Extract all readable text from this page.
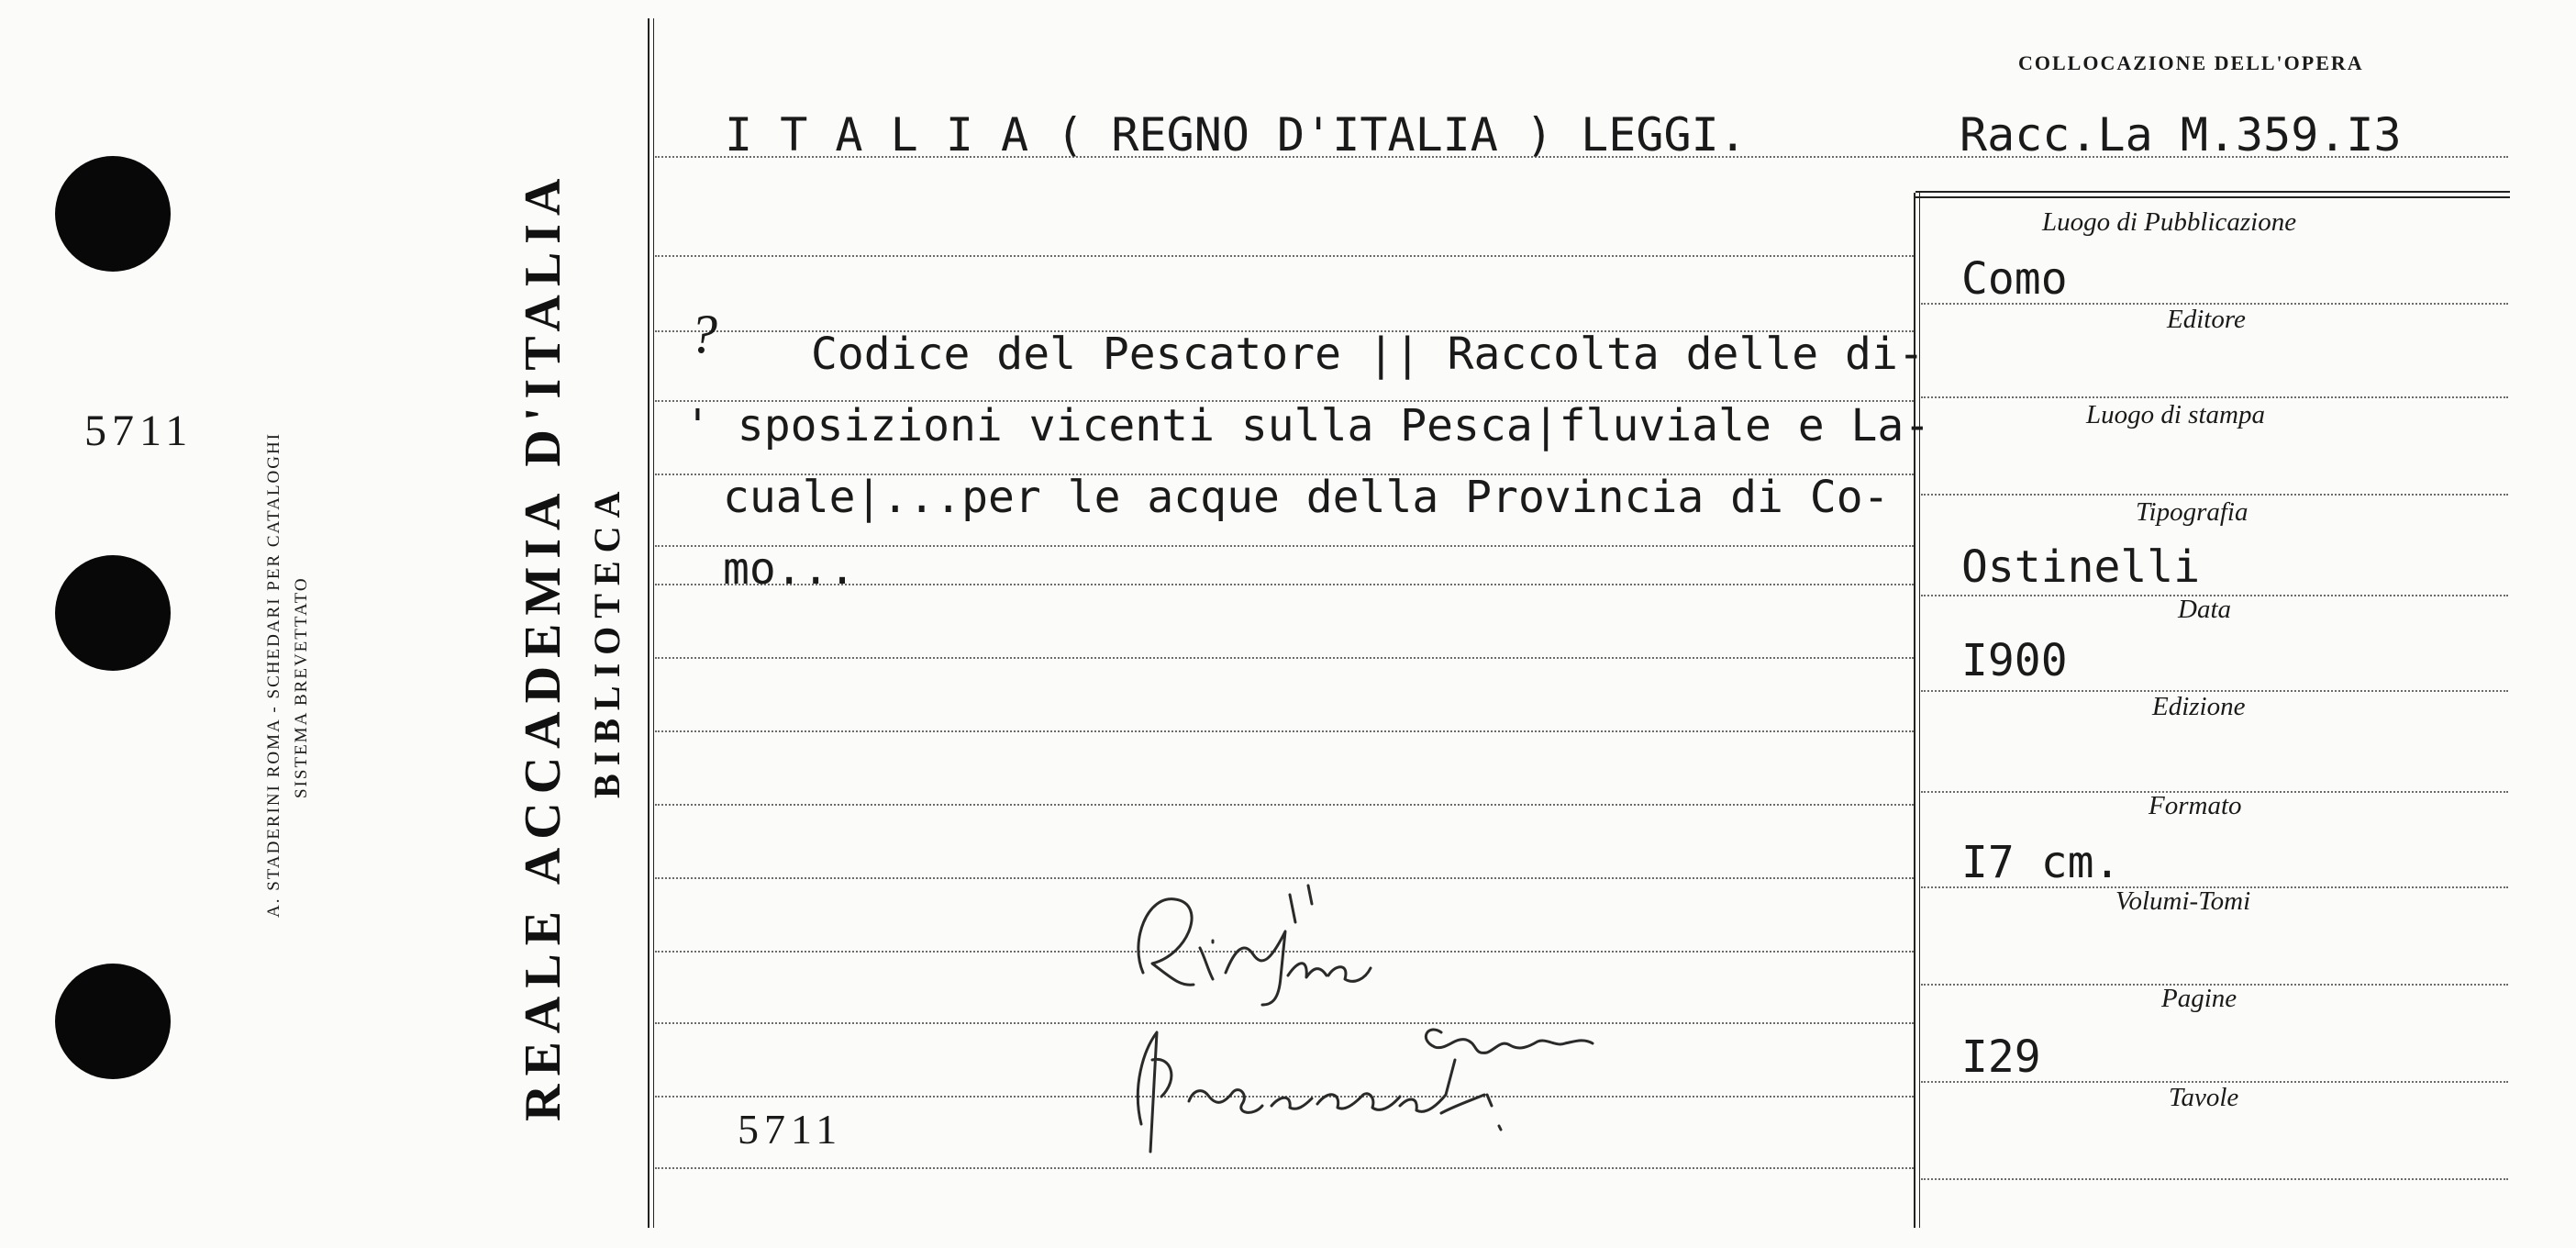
5711
A. STADERINI ROMA - SCHEDARI PER CATALOGHI SISTEMA BREVETTATO	REALE ACCADEMIA D'ITALIA BIBLIOTECA
COLLOCAZIONE DELL'OPERA
I T A L I A ( REGNO D'ITALIA ) LEGGI.	Racc.La M.359.I3
? Codice del Pescatore || Raccolta delle di-
' sposizioni vicenti sulla Pesca|fluviale e La-
cuale|...per le acque della Provincia di Co-
mo...
5711
Luogo di Pubblicazione
Como
Editore
Luogo di stampa
Tipografia
Ostinelli
Data
I900
Edizione
Formato
I7 cm.
Volumi-Tomi
Pagine
I29
Tavole
